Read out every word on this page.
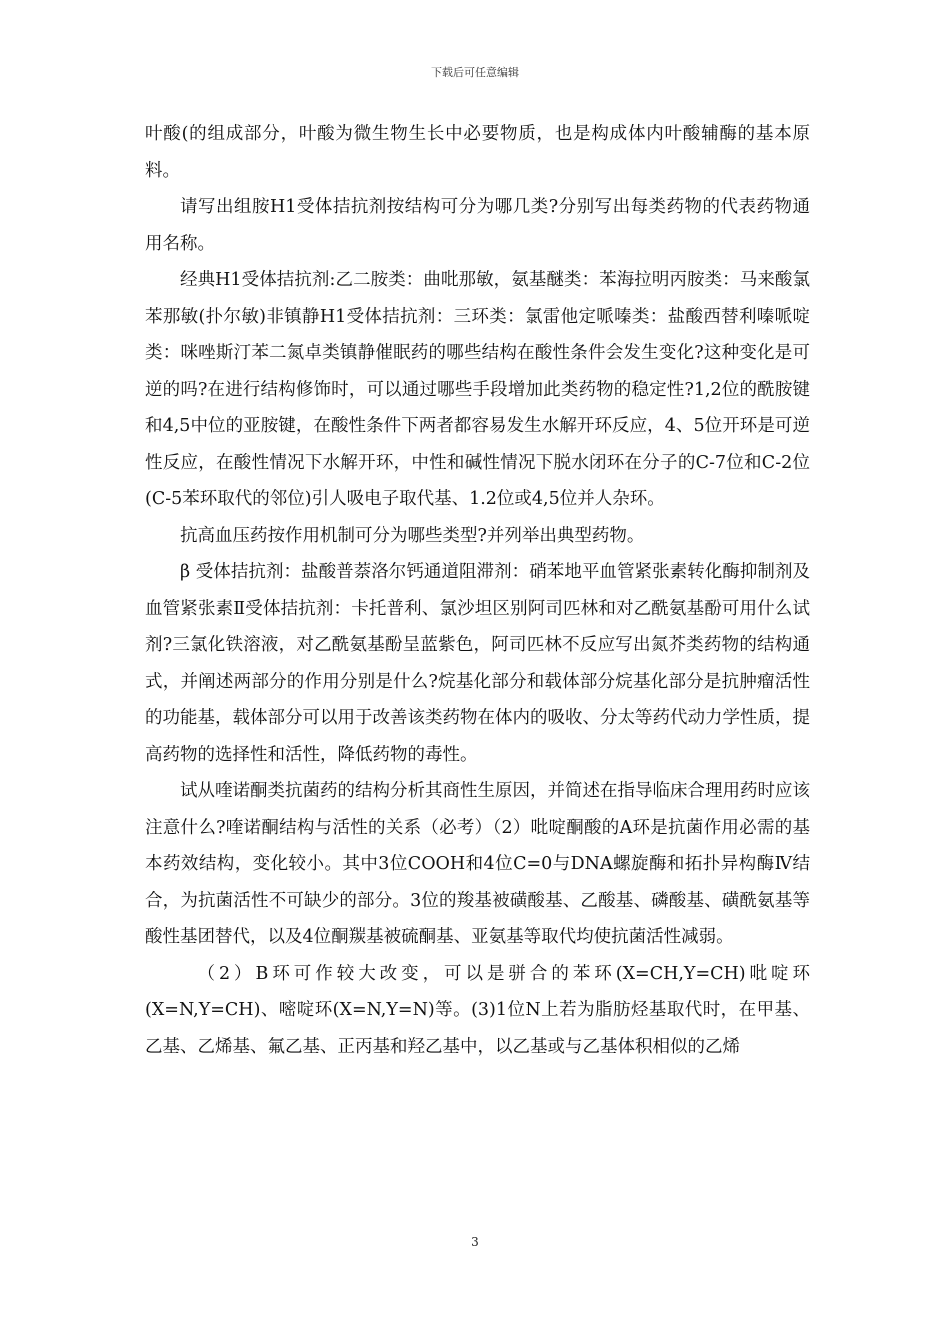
下载后可任意编辑

叶酸(的组成部分，叶酸为微生物生长中必要物质，也是构成体内叶酸辅酶的基本原料。

请写出组胺H1受体拮抗剂按结构可分为哪几类?分别写出每类药物的代表药物通用名称。

经典H1受体拮抗剂:乙二胺类：曲吡那敏，氨基醚类：苯海拉明丙胺类：马来酸氯苯那敏(扑尔敏)非镇静H1受体拮抗剂：三环类：氯雷他定哌嗪类：盐酸西替利嗪哌啶类：咪唑斯汀苯二氮卓类镇静催眠药的哪些结构在酸性条件会发生变化?这种变化是可逆的吗?在进行结构修饰时，可以通过哪些手段增加此类药物的稳定性?1,2位的酰胺键和4,5中位的亚胺键，在酸性条件下两者都容易发生水解开环反应，4、5位开环是可逆性反应，在酸性情况下水解开环，中性和碱性情况下脱水闭环在分子的C-7位和C-2位(C-5苯环取代的邻位)引人吸电子取代基、1.2位或4,5位并人杂环。

抗高血压药按作用机制可分为哪些类型?并列举出典型药物。

β 受体拮抗剂：盐酸普萘洛尔钙通道阻滞剂：硝苯地平血管紧张素转化酶抑制剂及血管紧张素Ⅱ受体拮抗剂：卡托普利、氯沙坦区别阿司匹林和对乙酰氨基酚可用什么试剂?三氯化铁溶液，对乙酰氨基酚呈蓝紫色，阿司匹林不反应写出氮芥类药物的结构通式，并阐述两部分的作用分别是什么?烷基化部分和载体部分烷基化部分是抗肿瘤活性的功能基，载体部分可以用于改善该类药物在体内的吸收、分太等药代动力学性质，提高药物的选择性和活性，降低药物的毒性。

试从喹诺酮类抗菌药的结构分析其商性生原因，并简述在指导临床合理用药时应该注意什么?喹诺酮结构与活性的关系（必考）（2）吡啶酮酸的A环是抗菌作用必需的基本药效结构，变化较小。其中3位COOH和4位C=0与DNA螺旋酶和拓扑异构酶Ⅳ结合，为抗菌活性不可缺少的部分。3位的羧基被磺酸基、乙酸基、磷酸基、磺酰氨基等酸性基团替代，以及4位酮羰基被硫酮基、亚氨基等取代均使抗菌活性减弱。

（2）B环可作较大改变，可以是骈合的苯环(X=CH,Y=CH)吡啶环(X=N,Y=CH)、嘧啶环(X=N,Y=N)等。(3)1位N上若为脂肪烃基取代时，在甲基、乙基、乙烯基、氟乙基、正丙基和羟乙基中，以乙基或与乙基体积相似的乙烯

3
